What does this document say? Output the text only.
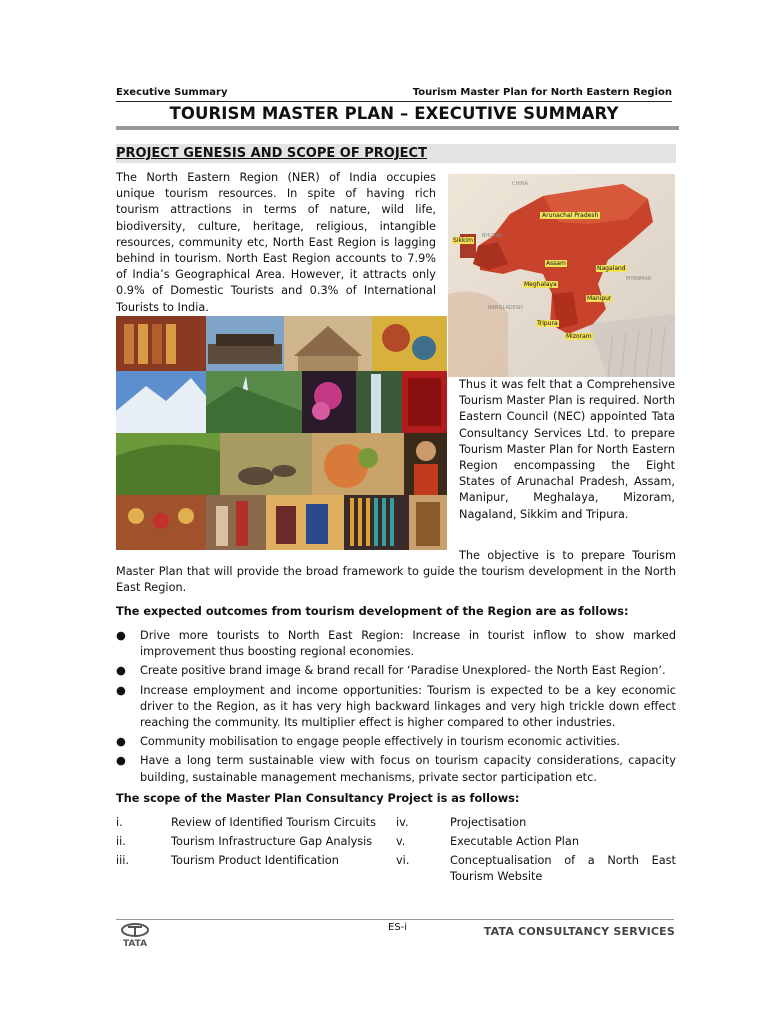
Executive Summary	Tourism Master Plan for North Eastern Region
TOURISM MASTER PLAN – EXECUTIVE SUMMARY
PROJECT GENESIS AND SCOPE OF PROJECT
The North Eastern Region (NER) of India occupies unique tourism resources. In spite of having rich tourism attractions in terms of nature, wild life, biodiversity, culture, heritage, religious, intangible resources, community etc, North East Region is lagging behind in tourism. North East Region accounts to 7.9% of India’s Geographical Area. However, it attracts only 0.9% of Domestic Tourists and 0.3% of International Tourists to India.
Arunachal Pradesh
Sikkim
Assam
Nagaland
Meghalaya
Manipur
Tripura
Mizoram
CHINA
BHUTAN
BANGLADESH
MYANMAR
Thus it was felt that a Comprehensive Tourism Master Plan is required. North Eastern Council (NEC) appointed Tata Consultancy Services Ltd. to prepare Tourism Master Plan for North Eastern Region encompassing the Eight States of Arunachal Pradesh, Assam, Manipur, Meghalaya, Mizoram, Nagaland, Sikkim and Tripura.
The objective is to prepare Tourism Master Plan that will provide the broad framework to guide the tourism development in the North East Region.
The expected outcomes from tourism development of the Region are as follows:
● Drive more tourists to North East Region: Increase in tourist inflow to show marked improvement thus boosting regional economies.
● Create positive brand image & brand recall for ‘Paradise Unexplored- the North East Region’.
● Increase employment and income opportunities: Tourism is expected to be a key economic driver to the Region, as it has very high backward linkages and very high trickle down effect reaching the community. Its multiplier effect is higher compared to other industries.
● Community mobilisation to engage people effectively in tourism economic activities.
● Have a long term sustainable view with focus on tourism capacity considerations, capacity building, sustainable management mechanisms, private sector participation etc.
The scope of the Master Plan Consultancy Project is as follows:
i.	Review of Identified Tourism Circuits iv.	Projectisation
ii.	Tourism Infrastructure Gap Analysis v.	Executable Action Plan
iii.	Tourism Product Identification	vi.	Conceptualisation of a North East Tourism Website
TATA
ES-i	TATA CONSULTANCY SERVICES
